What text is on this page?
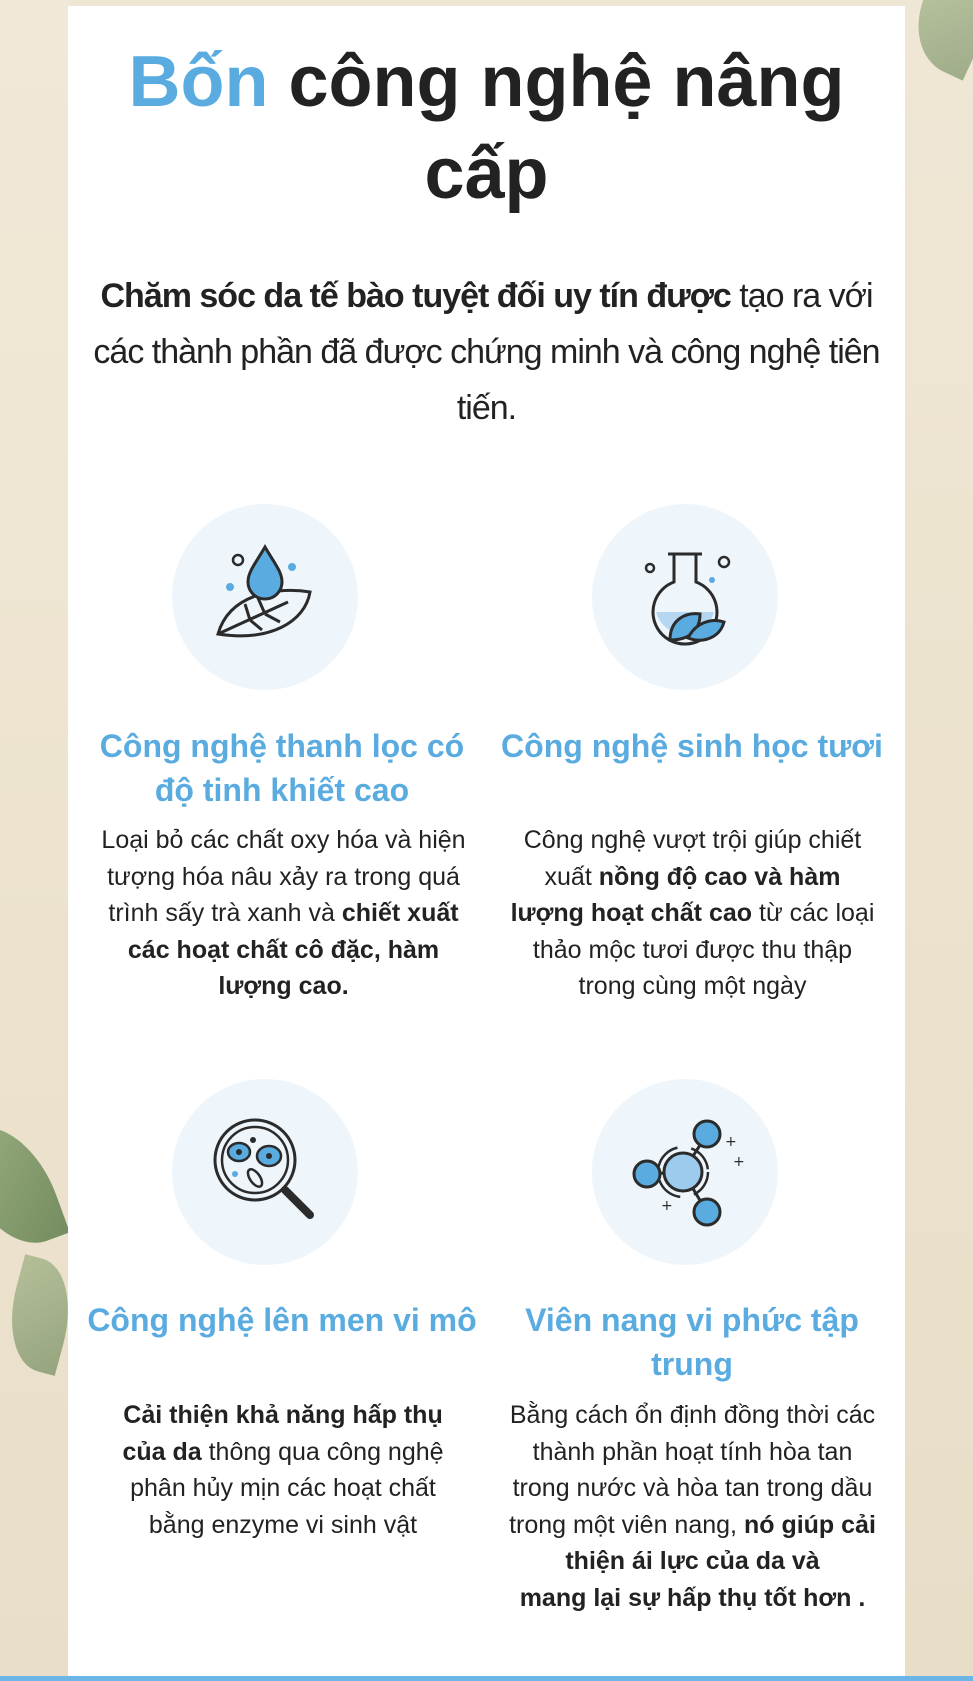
Bốn công nghệ nâng cấp
Chăm sóc da tế bào tuyệt đối uy tín được tạo ra với các thành phần đã được chứng minh và công nghệ tiên tiến.
Công nghệ thanh lọc có độ tinh khiết cao
Loại bỏ các chất oxy hóa và hiện tượng hóa nâu xảy ra trong quá trình sấy trà xanh và chiết xuất các hoạt chất cô đặc, hàm lượng cao.
Công nghệ sinh học tươi
Công nghệ vượt trội giúp chiết xuất nồng độ cao và hàm lượng hoạt chất cao từ các loại thảo mộc tươi được thu thập trong cùng một ngày
Công nghệ lên men vi mô
Cải thiện khả năng hấp thụ của da thông qua công nghệ phân hủy mịn các hoạt chất bằng enzyme vi sinh vật
+
+
+
Viên nang vi phức tập trung
Bằng cách ổn định đồng thời các thành phần hoạt tính hòa tan trong nước và hòa tan trong dầu trong một viên nang, nó giúp cải thiện ái lực của da và
mang lại sự hấp thụ tốt hơn .
